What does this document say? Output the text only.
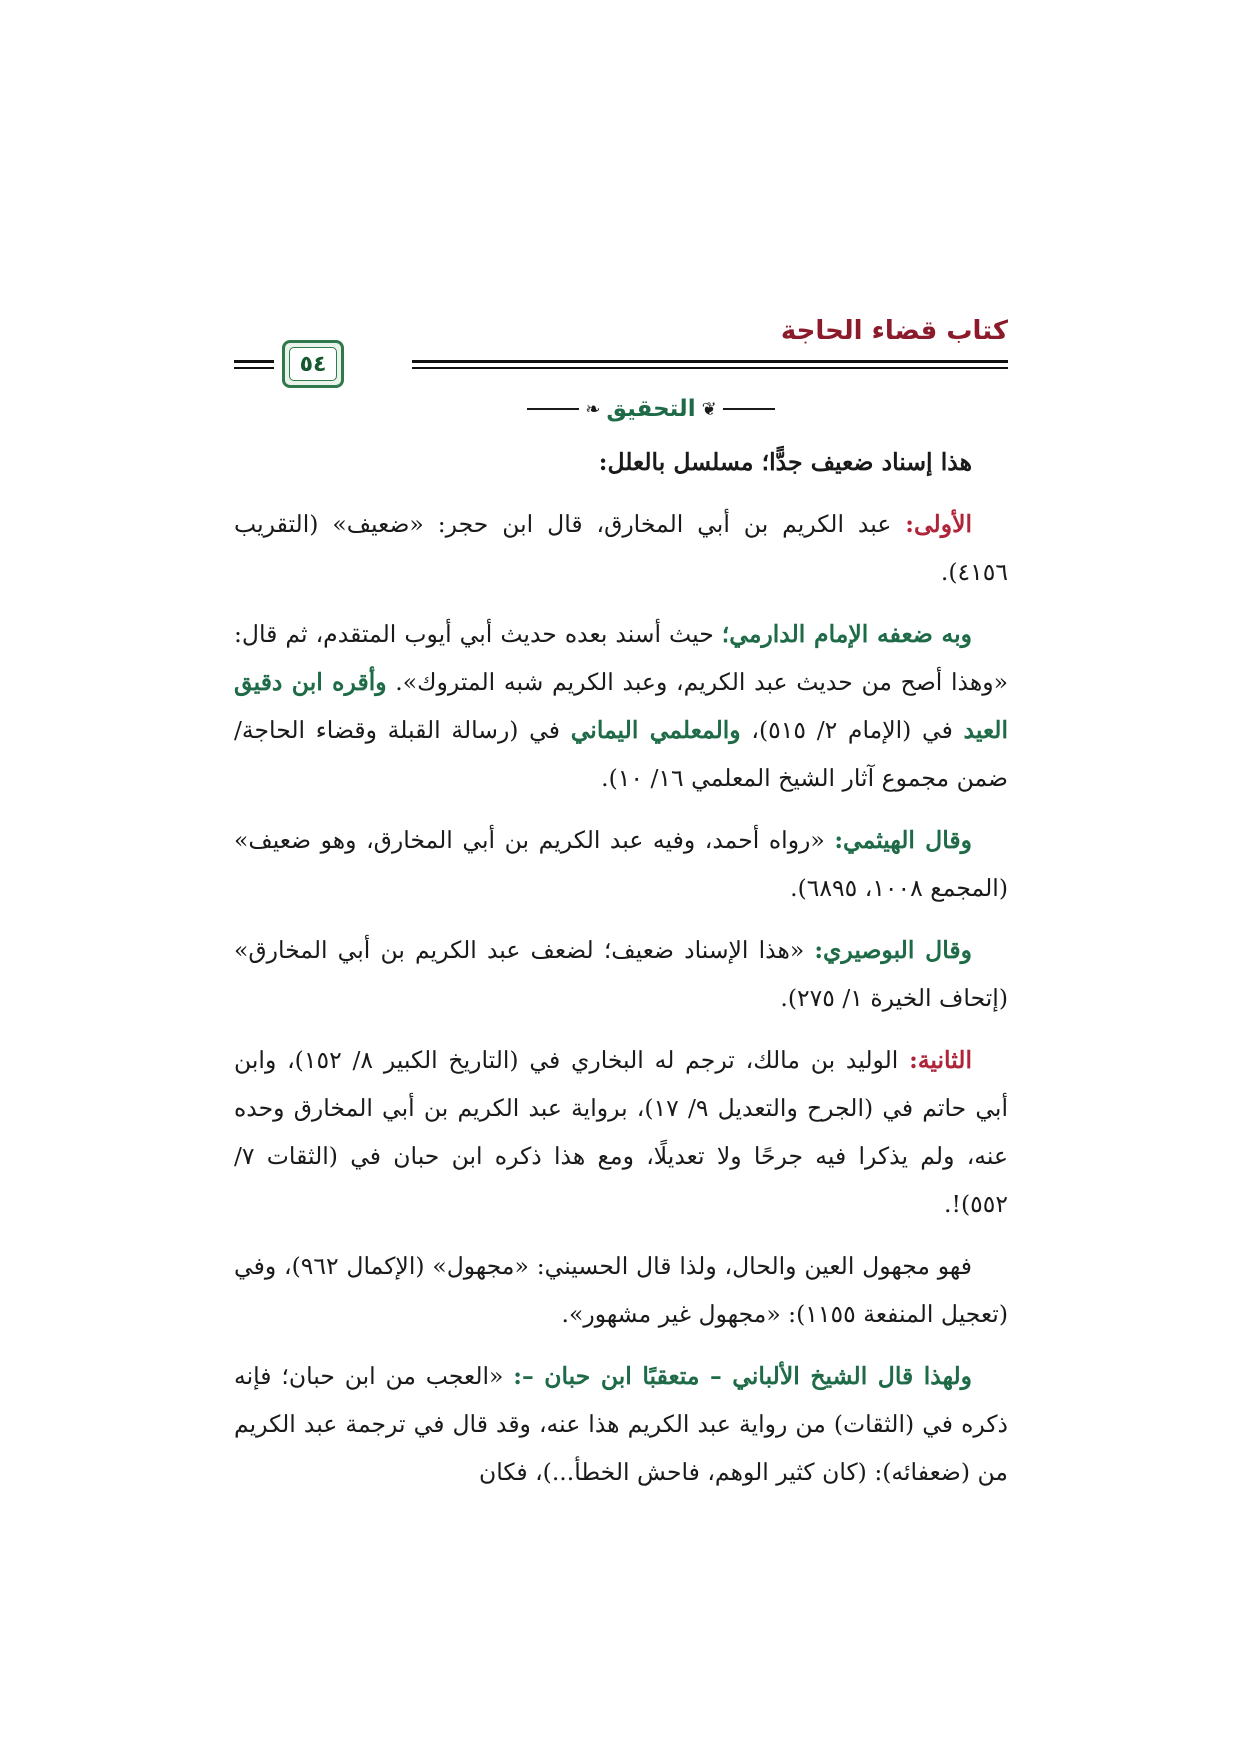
كتاب قضاء الحاجة
٥٤
❦
التحقيق
❧

هذا إسناد ضعيف جدًّا؛ مسلسل بالعلل:

الأولى: عبد الكريم بن أبي المخارق، قال ابن حجر: «ضعيف» (التقريب ٤١٥٦).

وبه ضعفه الإمام الدارمي؛ حيث أسند بعده حديث أبي أيوب المتقدم، ثم قال: «وهذا أصح من حديث عبد الكريم، وعبد الكريم شبه المتروك». وأقره ابن دقيق العيد في (الإمام ٢/ ٥١٥)، والمعلمي اليماني في (رسالة القبلة وقضاء الحاجة/ ضمن مجموع آثار الشيخ المعلمي ١٦/ ١٠).

وقال الهيثمي: «رواه أحمد، وفيه عبد الكريم بن أبي المخارق، وهو ضعيف» (المجمع ١٠٠٨، ٦٨٩٥).

وقال البوصيري: «هذا الإسناد ضعيف؛ لضعف عبد الكريم بن أبي المخارق» (إتحاف الخيرة ١/ ٢٧٥).

الثانية: الوليد بن مالك، ترجم له البخاري في (التاريخ الكبير ٨/ ١٥٢)، وابن أبي حاتم في (الجرح والتعديل ٩/ ١٧)، برواية عبد الكريم بن أبي المخارق وحده عنه، ولم يذكرا فيه جرحًا ولا تعديلًا، ومع هذا ذكره ابن حبان في (الثقات ٧/ ٥٥٢)!.

فهو مجهول العين والحال، ولذا قال الحسيني: «مجهول» (الإكمال ٩٦٢)، وفي (تعجيل المنفعة ١١٥٥): «مجهول غير مشهور».

ولهذا قال الشيخ الألباني – متعقبًا ابن حبان –: «العجب من ابن حبان؛ فإنه ذكره في (الثقات) من رواية عبد الكريم هذا عنه، وقد قال في ترجمة عبد الكريم من (ضعفائه): (كان كثير الوهم، فاحش الخطأ...)، فكان
